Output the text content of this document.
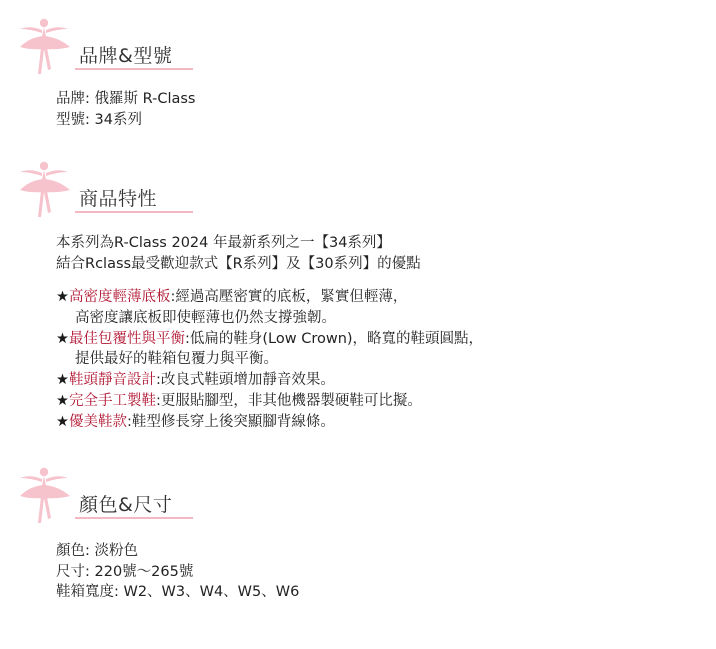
品牌&型號
品牌: 俄羅斯 R-Class
型號: 34系列
商品特性
本系列為R-Class 2024 年最新系列之一【34系列】
結合Rclass最受歡迎款式【R系列】及【30系列】的優點
★高密度輕薄底板:經過高壓密實的底板，緊實但輕薄，
高密度讓底板即使輕薄也仍然支撐強韌。
★最佳包覆性與平衡:低扁的鞋身(Low Crown)，略寬的鞋頭圓點，
提供最好的鞋箱包覆力與平衡。
★鞋頭靜音設計:改良式鞋頭增加靜音效果。
★完全手工製鞋:更服貼腳型，非其他機器製硬鞋可比擬。
★優美鞋款:鞋型修長穿上後突顯腳背線條。
顏色&尺寸
顏色: 淡粉色
尺寸: 220號～265號
鞋箱寬度: W2、W3、W4、W5、W6
